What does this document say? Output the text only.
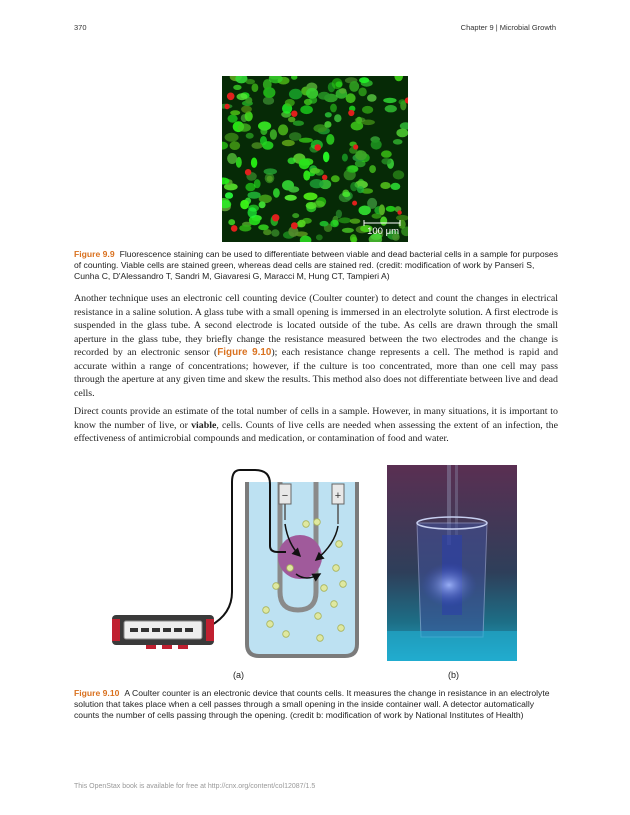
370	Chapter 9 | Microbial Growth
100 μm
Figure 9.9 Fluorescence staining can be used to differentiate between viable and dead bacterial cells in a sample for purposes of counting. Viable cells are stained green, whereas dead cells are stained red. (credit: modification of work by Panseri S, Cunha C, D'Alessandro T, Sandri M, Giavaresi G, Maracci M, Hung CT, Tampieri A)

Another technique uses an electronic cell counting device (Coulter counter) to detect and count the changes in electrical resistance in a saline solution. A glass tube with a small opening is immersed in an electrolyte solution. A first electrode is suspended in the glass tube. A second electrode is located outside of the tube. As cells are drawn through the small aperture in the glass tube, they briefly change the resistance measured between the two electrodes and the change is recorded by an electronic sensor (Figure 9.10); each resistance change represents a cell. The method is rapid and accurate within a range of concentrations; however, if the culture is too concentrated, more than one cell may pass through the aperture at any given time and skew the results. This method also does not differentiate between live and dead cells.

Direct counts provide an estimate of the total number of cells in a sample. However, in many situations, it is important to know the number of live, or viable, cells. Counts of live cells are needed when assessing the extent of an infection, the effectiveness of antimicrobial compounds and medication, or contamination of food and water.

−	+
(a)	(b)
Figure 9.10 A Coulter counter is an electronic device that counts cells. It measures the change in resistance in an electrolyte solution that takes place when a cell passes through a small opening in the inside container wall. A detector automatically counts the number of cells passing through the opening. (credit b: modification of work by National Institutes of Health)
This OpenStax book is available for free at http://cnx.org/content/col12087/1.5
